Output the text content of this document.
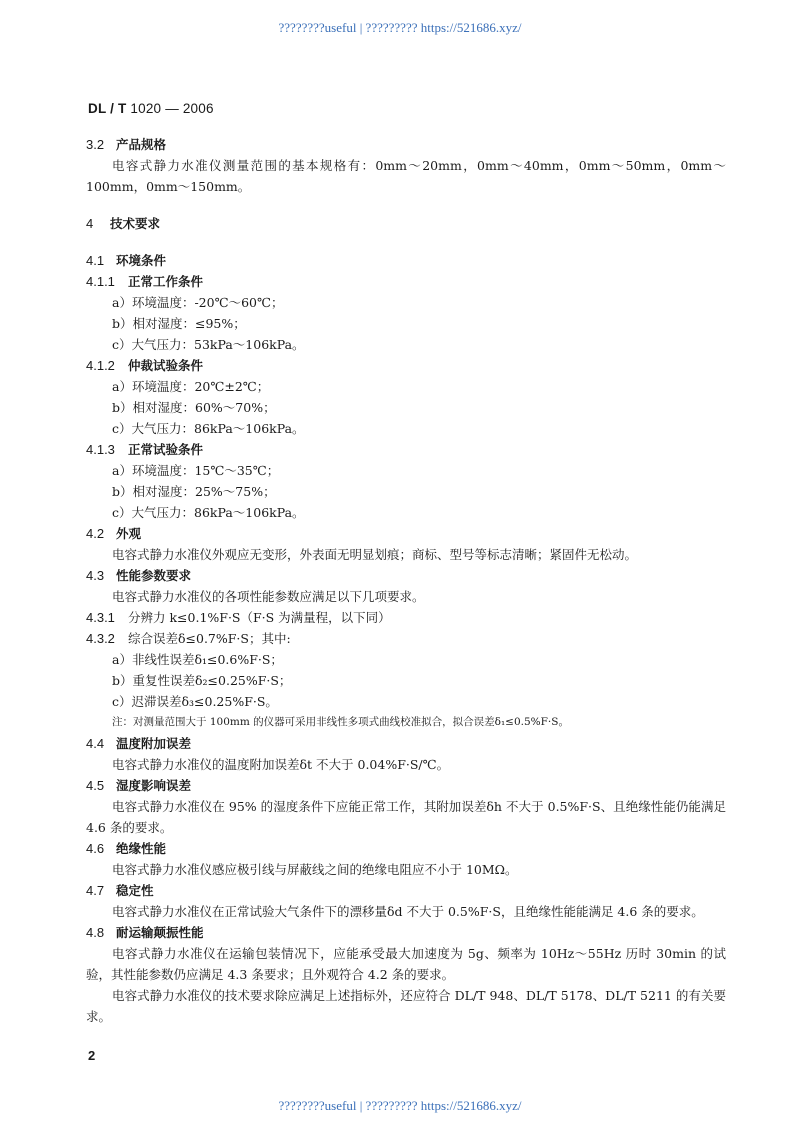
????????useful | ????????? https://521686.xyz/
DL / T 1020 — 2006
3.2 产品规格

电容式静力水准仪测量范围的基本规格有：0mm～20mm，0mm～40mm，0mm～50mm，0mm～100mm，0mm～150mm。

4 技术要求
4.1 环境条件
4.1.1 正常工作条件
a）环境温度：-20℃～60℃；
b）相对湿度：≤95%；
c）大气压力：53kPa～106kPa。
4.1.2 仲裁试验条件
a）环境温度：20℃±2℃；
b）相对湿度：60%～70%；
c）大气压力：86kPa～106kPa。
4.1.3 正常试验条件
a）环境温度：15℃～35℃；
b）相对湿度：25%～75%；
c）大气压力：86kPa～106kPa。
4.2 外观

电容式静力水准仪外观应无变形，外表面无明显划痕；商标、型号等标志清晰；紧固件无松动。

4.3 性能参数要求

电容式静力水准仪的各项性能参数应满足以下几项要求。

4.3.1 分辨力 k≤0.1%F·S（F·S 为满量程，以下同）
4.3.2 综合误差δ≤0.7%F·S；其中:
a）非线性误差δ₁≤0.6%F·S；
b）重复性误差δ₂≤0.25%F·S；
c）迟滞误差δ₃≤0.25%F·S。
注：对测量范围大于 100mm 的仪器可采用非线性多项式曲线校准拟合，拟合误差δ₁≤0.5%F·S。
4.4 温度附加误差

电容式静力水准仪的温度附加误差δt 不大于 0.04%F·S/℃。

4.5 湿度影响误差

电容式静力水准仪在 95% 的湿度条件下应能正常工作，其附加误差δh 不大于 0.5%F·S、且绝缘性能仍能满足 4.6 条的要求。

4.6 绝缘性能

电容式静力水准仪感应极引线与屏蔽线之间的绝缘电阻应不小于 10MΩ。

4.7 稳定性

电容式静力水准仪在正常试验大气条件下的漂移量δd 不大于 0.5%F·S，且绝缘性能能满足 4.6 条的要求。

4.8 耐运输颠振性能

电容式静力水准仪在运输包装情况下，应能承受最大加速度为 5g、频率为 10Hz～55Hz 历时 30min 的试验，其性能参数仍应满足 4.3 条要求；且外观符合 4.2 条的要求。

电容式静力水准仪的技术要求除应满足上述指标外，还应符合 DL/T 948、DL/T 5178、DL/T 5211 的有关要求。

2
????????useful | ????????? https://521686.xyz/
